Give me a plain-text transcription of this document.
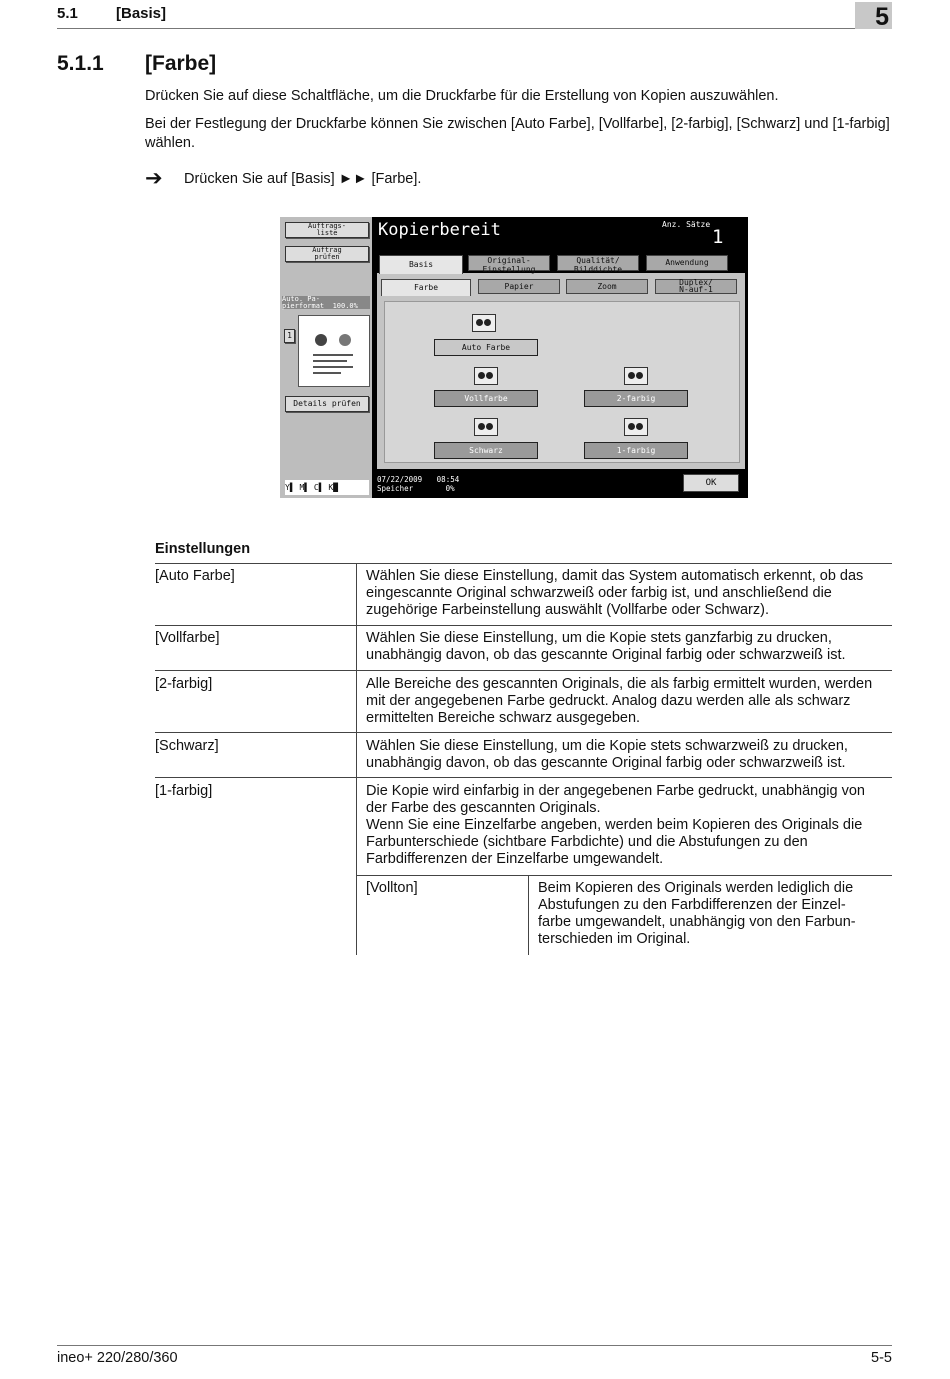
5.1	[Basis]	5
5.1.1 [Farbe]
Drücken Sie auf diese Schaltfläche, um die Druckfarbe für die Erstellung von Kopien auszuwählen.
Bei der Festlegung der Druckfarbe können Sie zwischen [Auto Farbe], [Vollfarbe], [2-farbig], [Schwarz] und [1-farbig] wählen.
➔ Drücken Sie auf [Basis] ►► [Farbe].
Auftrags-
liste
Auftrag
prüfen
Auto. Pa-
pierformat  100.0%
1
Details prüfen
Y▌ M▌ C▌ K█
Kopierbereit	Anz. Sätze
1
Basis	Original-
Einstellung
Qualität/
Bilddichte
Anwendung
Farbe	Papier	Zoom	Duplex/
N-auf-1
Auto Farbe
Vollfarbe	2-farbig
Schwarz	1-farbig
07/22/2009 08:54
Speicher	0%
OK
Einstellungen
[Auto Farbe]	Wählen Sie diese Einstellung, damit das System automatisch erkennt, ob das eingescannte Original schwarzweiß oder farbig ist, und anschließend die zugehörige Farbeinstellung auswählt (Vollfarbe oder Schwarz).
[Vollfarbe]	Wählen Sie diese Einstellung, um die Kopie stets ganzfarbig zu drucken, unabhängig davon, ob das gescannte Original farbig oder schwarzweiß ist.
[2-farbig]	Alle Bereiche des gescannten Originals, die als farbig ermittelt wurden, werden mit der angegebenen Farbe gedruckt. Analog dazu werden alle als schwarz ermittelten Bereiche schwarz ausgegeben.
[Schwarz]	Wählen Sie diese Einstellung, um die Kopie stets schwarzweiß zu drucken, unabhängig davon, ob das gescannte Original farbig oder schwarzweiß ist.
[1-farbig]	Die Kopie wird einfarbig in der angegebenen Farbe gedruckt, unabhängig von der Farbe des gescannten Originals.
Wenn Sie eine Einzelfarbe angeben, werden beim Kopieren des Originals die Farbunterschiede (sichtbare Farbdichte) und die Abstufungen zu den Farbdifferenzen der Einzelfarbe umgewandelt.
[Vollton]	Beim Kopieren des Originals werden lediglich die Abstufungen zu den Farbdifferenzen der Einzel-
farbe umgewandelt, unabhängig von den Farbun-
terschieden im Original.
ineo+ 220/280/360	5-5
